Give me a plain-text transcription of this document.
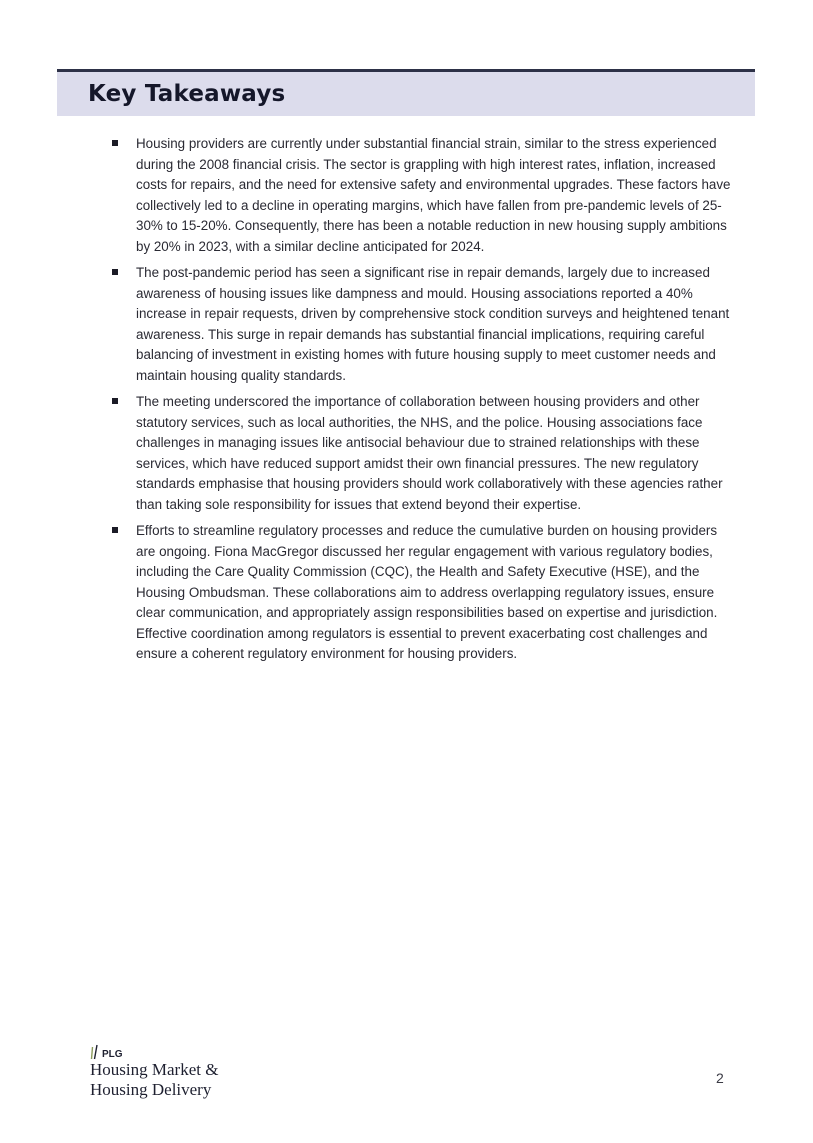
Key Takeaways
Housing providers are currently under substantial financial strain, similar to the stress experienced during the 2008 financial crisis. The sector is grappling with high interest rates, inflation, increased costs for repairs, and the need for extensive safety and environmental upgrades. These factors have collectively led to a decline in operating margins, which have fallen from pre-pandemic levels of 25-30% to 15-20%. Consequently, there has been a notable reduction in new housing supply ambitions by 20% in 2023, with a similar decline anticipated for 2024.
The post-pandemic period has seen a significant rise in repair demands, largely due to increased awareness of housing issues like dampness and mould. Housing associations reported a 40% increase in repair requests, driven by comprehensive stock condition surveys and heightened tenant awareness. This surge in repair demands has substantial financial implications, requiring careful balancing of investment in existing homes with future housing supply to meet customer needs and maintain housing quality standards.
The meeting underscored the importance of collaboration between housing providers and other statutory services, such as local authorities, the NHS, and the police. Housing associations face challenges in managing issues like antisocial behaviour due to strained relationships with these services, which have reduced support amidst their own financial pressures. The new regulatory standards emphasise that housing providers should work collaboratively with these agencies rather than taking sole responsibility for issues that extend beyond their expertise.
Efforts to streamline regulatory processes and reduce the cumulative burden on housing providers are ongoing. Fiona MacGregor discussed her regular engagement with various regulatory bodies, including the Care Quality Commission (CQC), the Health and Safety Executive (HSE), and the Housing Ombudsman. These collaborations aim to address overlapping regulatory issues, ensure clear communication, and appropriately assign responsibilities based on expertise and jurisdiction. Effective coordination among regulators is essential to prevent exacerbating cost challenges and ensure a coherent regulatory environment for housing providers.
PLG
Housing Market &
Housing Delivery
2
